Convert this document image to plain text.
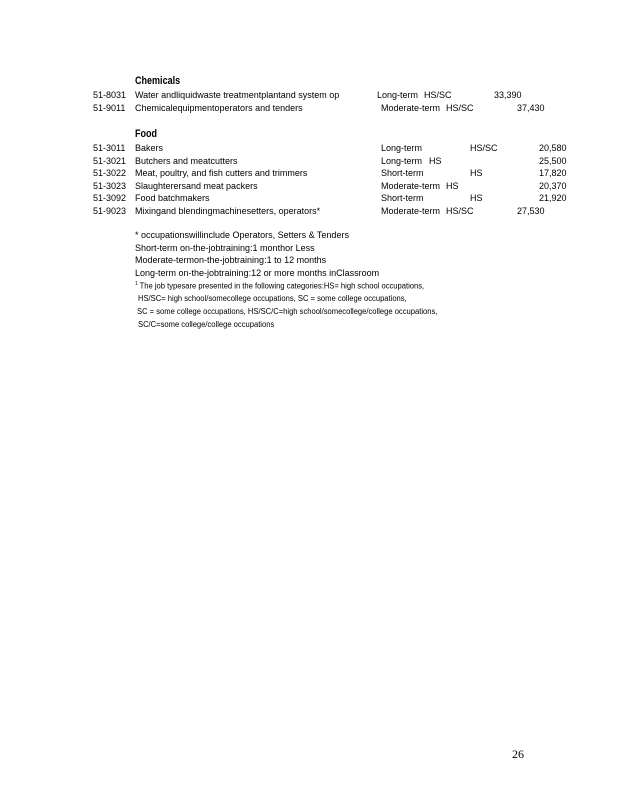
Chemicals
51-8031 Water andliquidwaste treatmentplantand system op	Long-term HS/SC	33,390
51-9011 Chemicalequipmentoperators and tenders	Moderate-term HS/SC	37,430
Food
51-3011 Bakers	Long-term	HS/SC	20,580
51-3021 Butchers and meatcutters	Long-term HS	25,500
51-3022 Meat, poultry, and fish cutters and trimmers	Short-term	HS	17,820
51-3023 Slaughterersand meat packers	Moderate-term HS	20,370
51-3092 Food batchmakers	Short-term	HS	21,920
51-9023 Mixingand blendingmachinesetters, operators*	Moderate-term HS/SC	27,530
* occupationswillinclude Operators, Setters & Tenders
Short-term on-the-jobtraining:1 monthor Less
Moderate-termon-the-jobtraining:1 to 12 months
Long-term on-the-jobtraining:12 or more months inClassroom
$^1$ The job typesare presented in the following categories:HS= high school occupations,
HS/SC= high school/somecollege occupations, SC = some college occupations,
SC = some college occupations, HS/SC/C=high school/somecollege/college occupations,
SC/C=some college/college occupations
26
